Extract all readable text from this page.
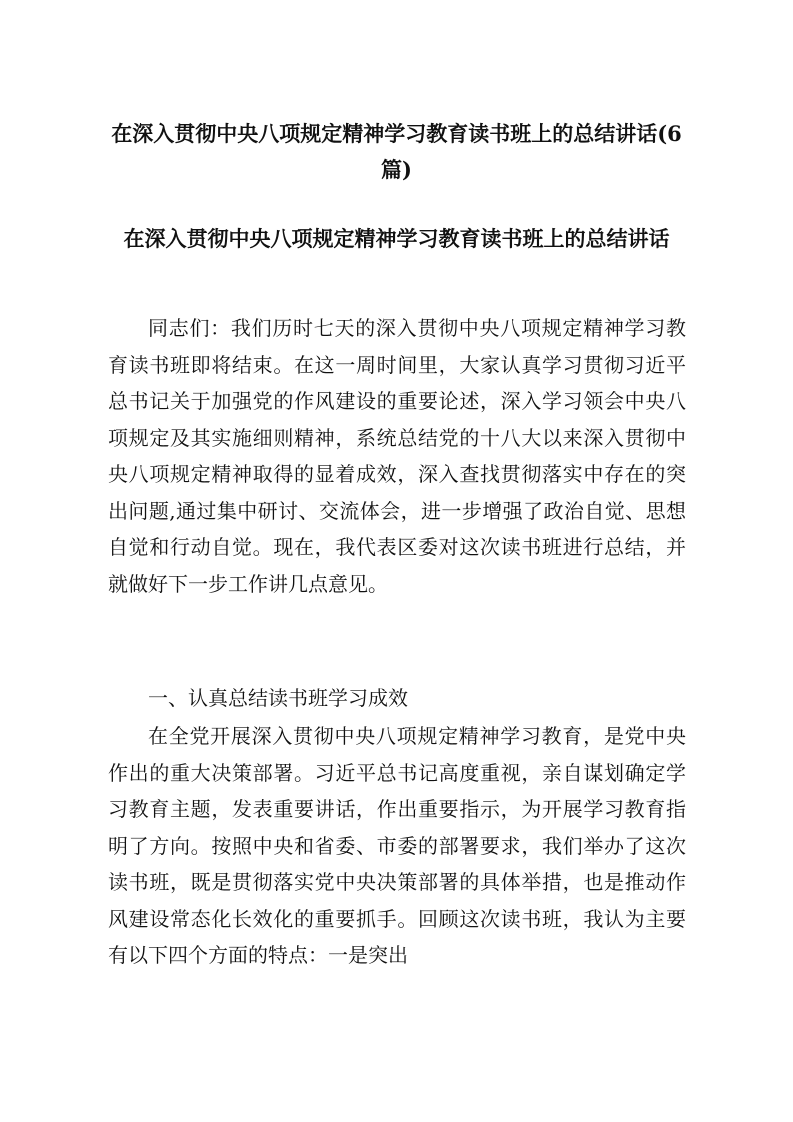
在深入贯彻中央八项规定精神学习教育读书班上的总结讲话(6篇)
在深入贯彻中央八项规定精神学习教育读书班上的总结讲话

同志们：我们历时七天的深入贯彻中央八项规定精神学习教育读书班即将结束。在这一周时间里，大家认真学习贯彻习近平总书记关于加强党的作风建设的重要论述，深入学习领会中央八项规定及其实施细则精神，系统总结党的十八大以来深入贯彻中央八项规定精神取得的显着成效，深入查找贯彻落实中存在的突出问题,通过集中研讨、交流体会，进一步增强了政治自觉、思想自觉和行动自觉。现在，我代表区委对这次读书班进行总结，并就做好下一步工作讲几点意见。

一、认真总结读书班学习成效

在全党开展深入贯彻中央八项规定精神学习教育，是党中央作出的重大决策部署。习近平总书记高度重视，亲自谋划确定学习教育主题，发表重要讲话，作出重要指示，为开展学习教育指明了方向。按照中央和省委、市委的部署要求，我们举办了这次读书班，既是贯彻落实党中央决策部署的具体举措，也是推动作风建设常态化长效化的重要抓手。回顾这次读书班，我认为主要有以下四个方面的特点：一是突出
